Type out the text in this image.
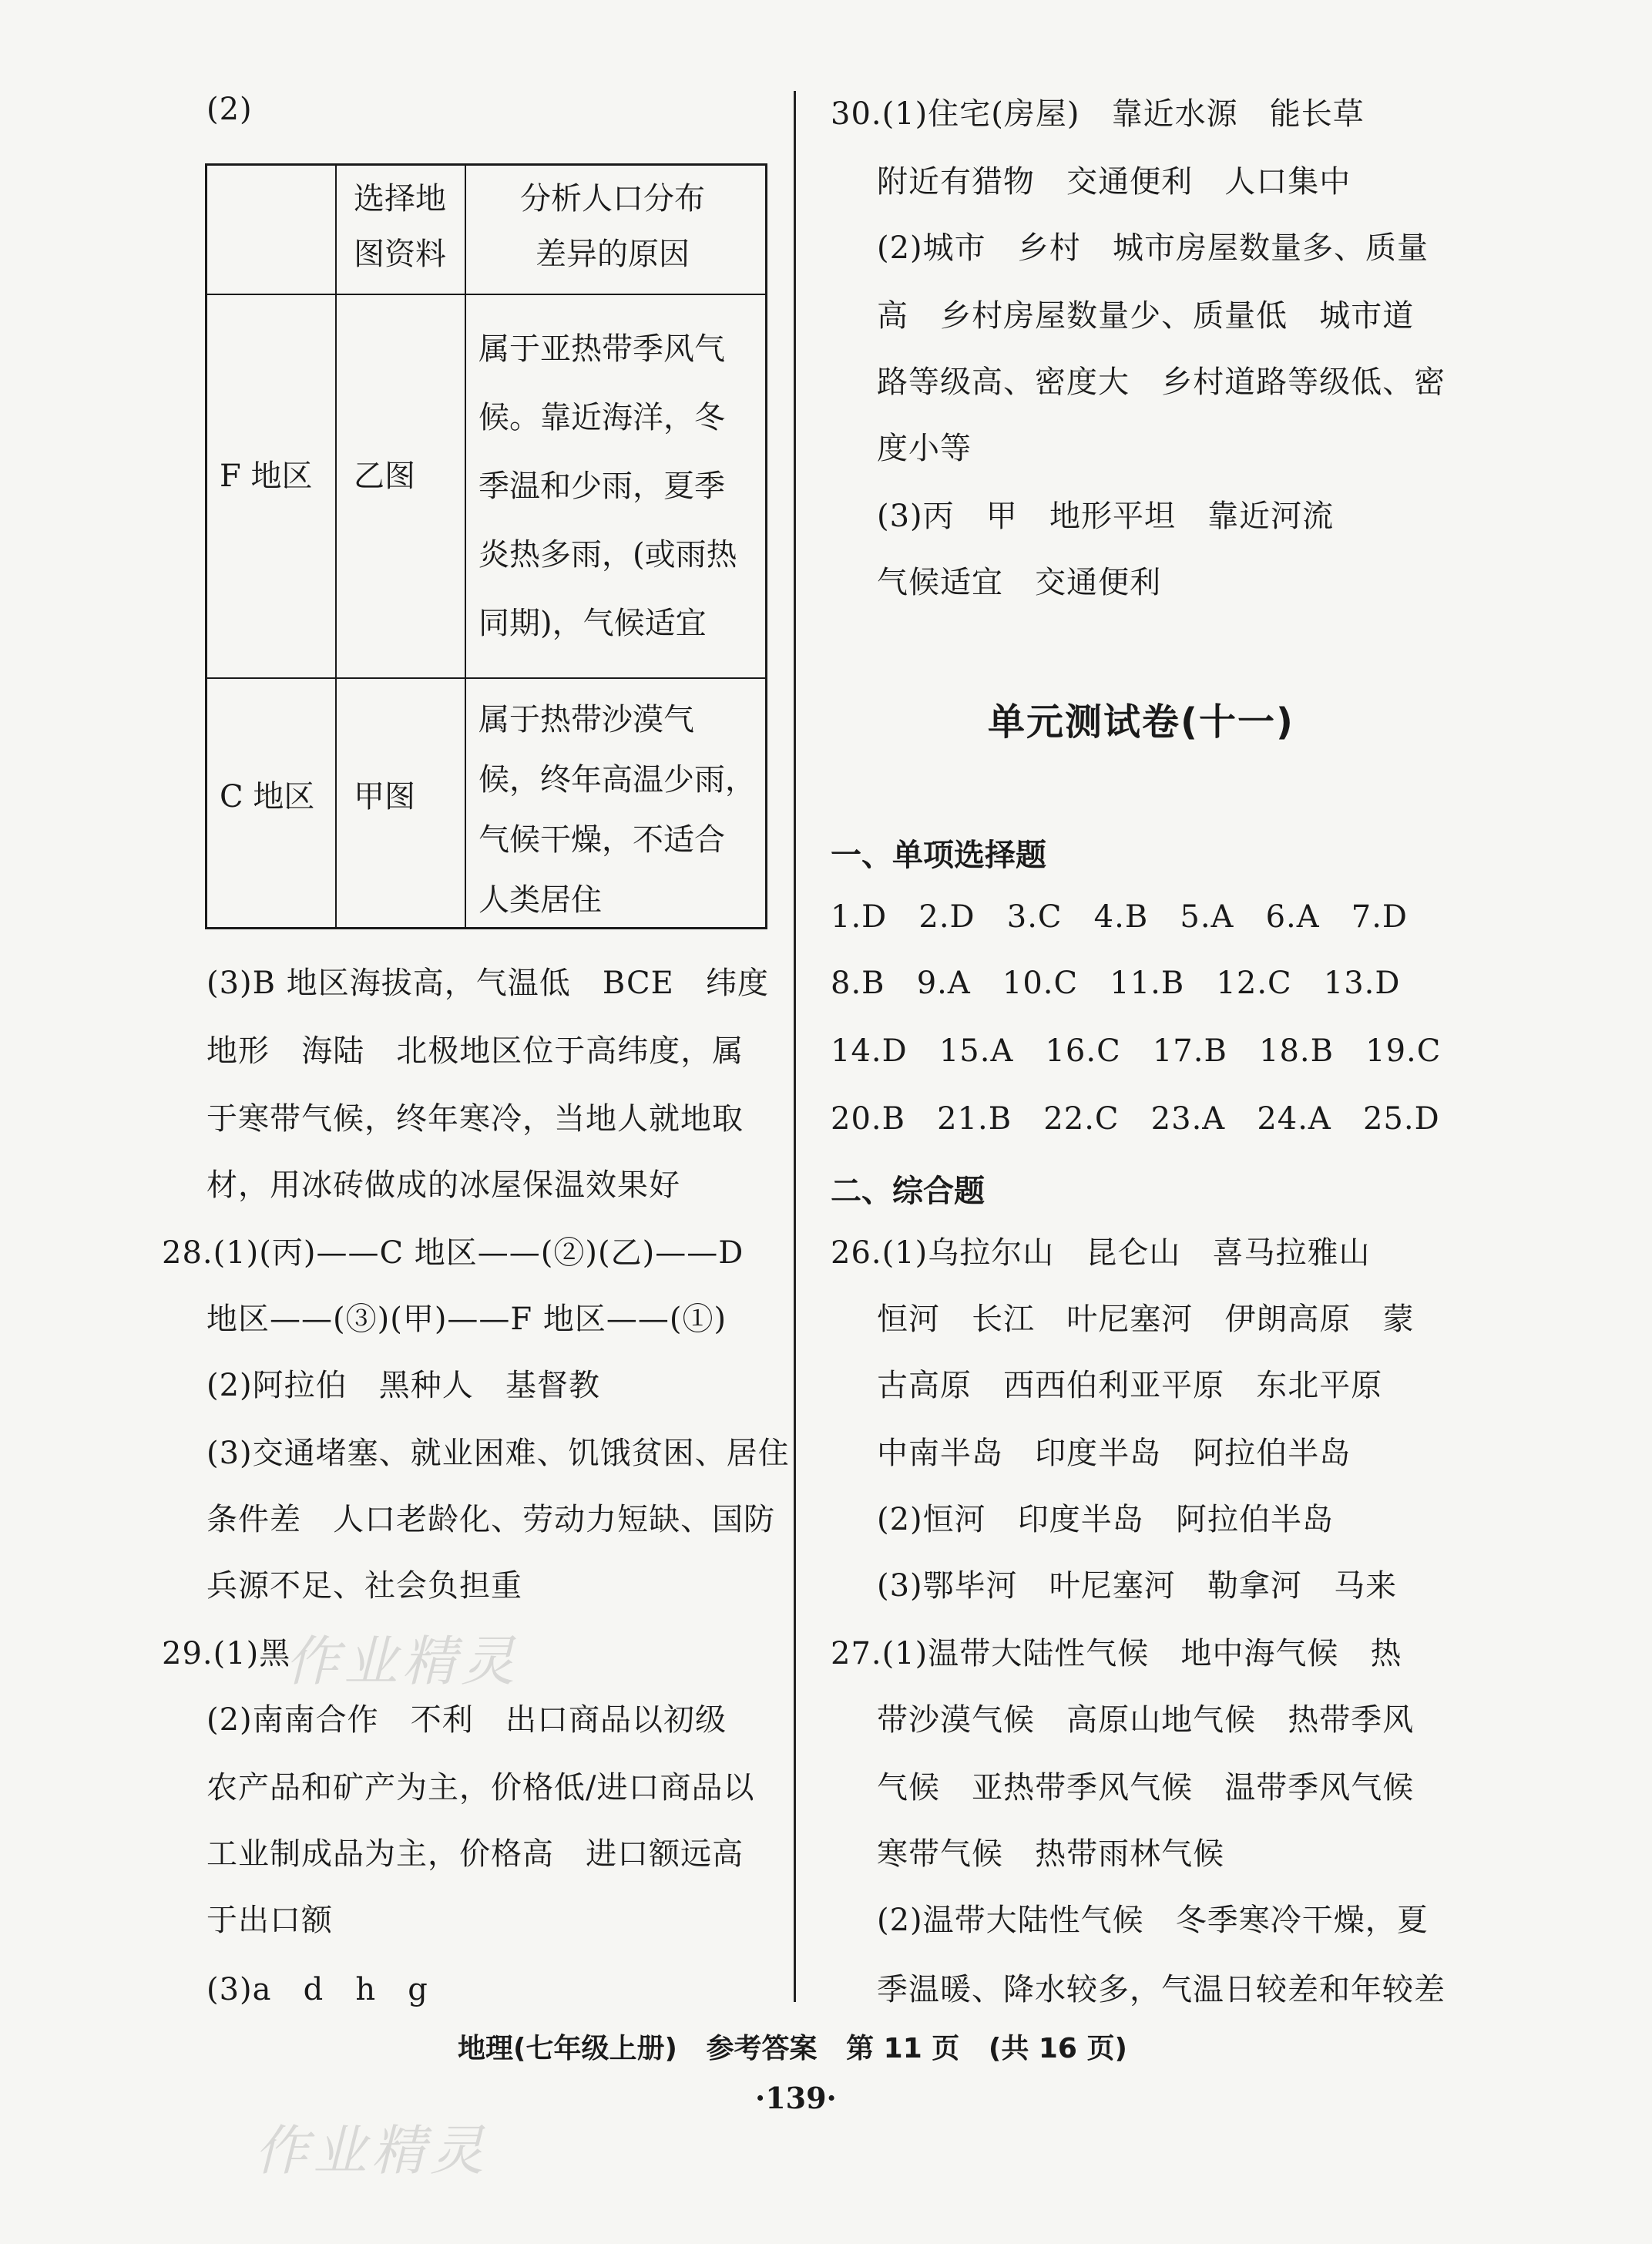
(2)
选择地
图资料
分析人口分布
差异的原因
F 地区 乙图
属于亚热带季风气
候。靠近海洋，冬
季温和少雨，夏季
炎热多雨，(或雨热
同期)，气候适宜
C 地区 甲图
属于热带沙漠气
候，终年高温少雨，
气候干燥，不适合
人类居住
(3)B 地区海拔高，气温低   BCE   纬度
地形   海陆   北极地区位于高纬度，属
于寒带气候，终年寒冷，当地人就地取
材，用冰砖做成的冰屋保温效果好
28.(1)(丙)——C 地区——(②)(乙)——D
地区——(③)(甲)——F 地区——(①)
(2)阿拉伯   黑种人   基督教
(3)交通堵塞、就业困难、饥饿贫困、居住
条件差   人口老龄化、劳动力短缺、国防
兵源不足、社会负担重
29.(1)黑
(2)南南合作   不利   出口商品以初级
农产品和矿产为主，价格低/进口商品以
工业制成品为主，价格高   进口额远高
于出口额
(3)a   d   h   g
30.(1)住宅(房屋)   靠近水源   能长草
附近有猎物   交通便利   人口集中
(2)城市   乡村   城市房屋数量多、质量
高   乡村房屋数量少、质量低   城市道
路等级高、密度大   乡村道路等级低、密
度小等
(3)丙   甲   地形平坦   靠近河流
气候适宜   交通便利
单元测试卷(十一)
一、单项选择题
1.D   2.D   3.C   4.B   5.A   6.A   7.D
8.B   9.A   10.C   11.B   12.C   13.D
14.D   15.A   16.C   17.B   18.B   19.C
20.B   21.B   22.C   23.A   24.A   25.D
二、综合题
26.(1)乌拉尔山   昆仑山   喜马拉雅山
恒河   长江   叶尼塞河   伊朗高原   蒙
古高原   西西伯利亚平原   东北平原
中南半岛   印度半岛   阿拉伯半岛
(2)恒河   印度半岛   阿拉伯半岛
(3)鄂毕河   叶尼塞河   勒拿河   马来
27.(1)温带大陆性气候   地中海气候   热
带沙漠气候   高原山地气候   热带季风
气候   亚热带季风气候   温带季风气候
寒带气候   热带雨林气候
(2)温带大陆性气候   冬季寒冷干燥，夏
季温暖、降水较多，气温日较差和年较差
地理(七年级上册)   参考答案   第 11 页   (共 16 页)
·139·
作业精灵
作业精灵
